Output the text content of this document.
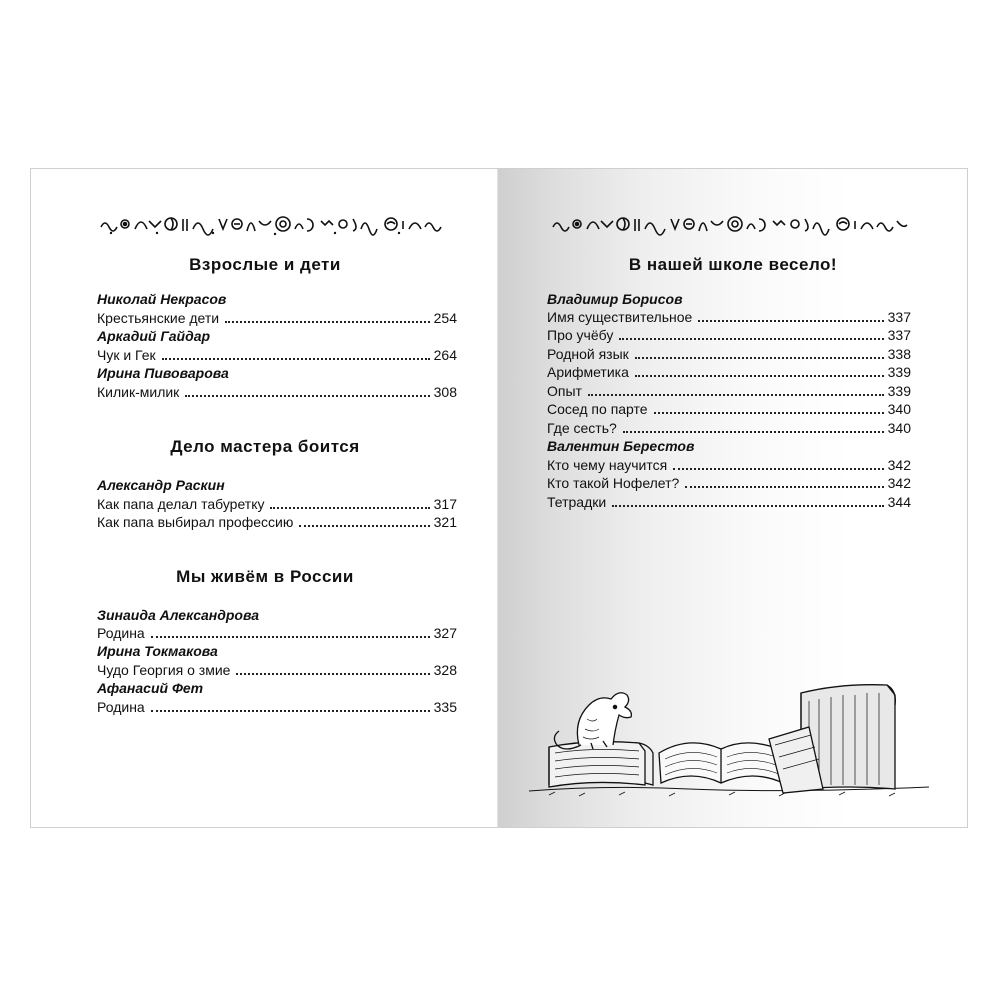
Взрослые и дети
Николай Некрасов
Крестьянские дети	254
Аркадий Гайдар
Чук и Гек	264
Ирина Пивоварова
Килик-милик	308
Дело мастера боится
Александр Раскин
Как папа делал табуретку	317
Как папа выбирал профессию	321
Мы живём в России
Зинаида Александрова
Родина	327
Ирина Токмакова
Чудо Георгия о змие	328
Афанасий Фет
Родина	335
В нашей школе весело!
Владимир Борисов
Имя существительное	337
Про учёбу	337
Родной язык	338
Арифметика	339
Опыт	339
Сосед по парте	340
Где сесть?	340
Валентин Берестов
Кто чему научится	342
Кто такой Нофелет?	342
Тетрадки	344
